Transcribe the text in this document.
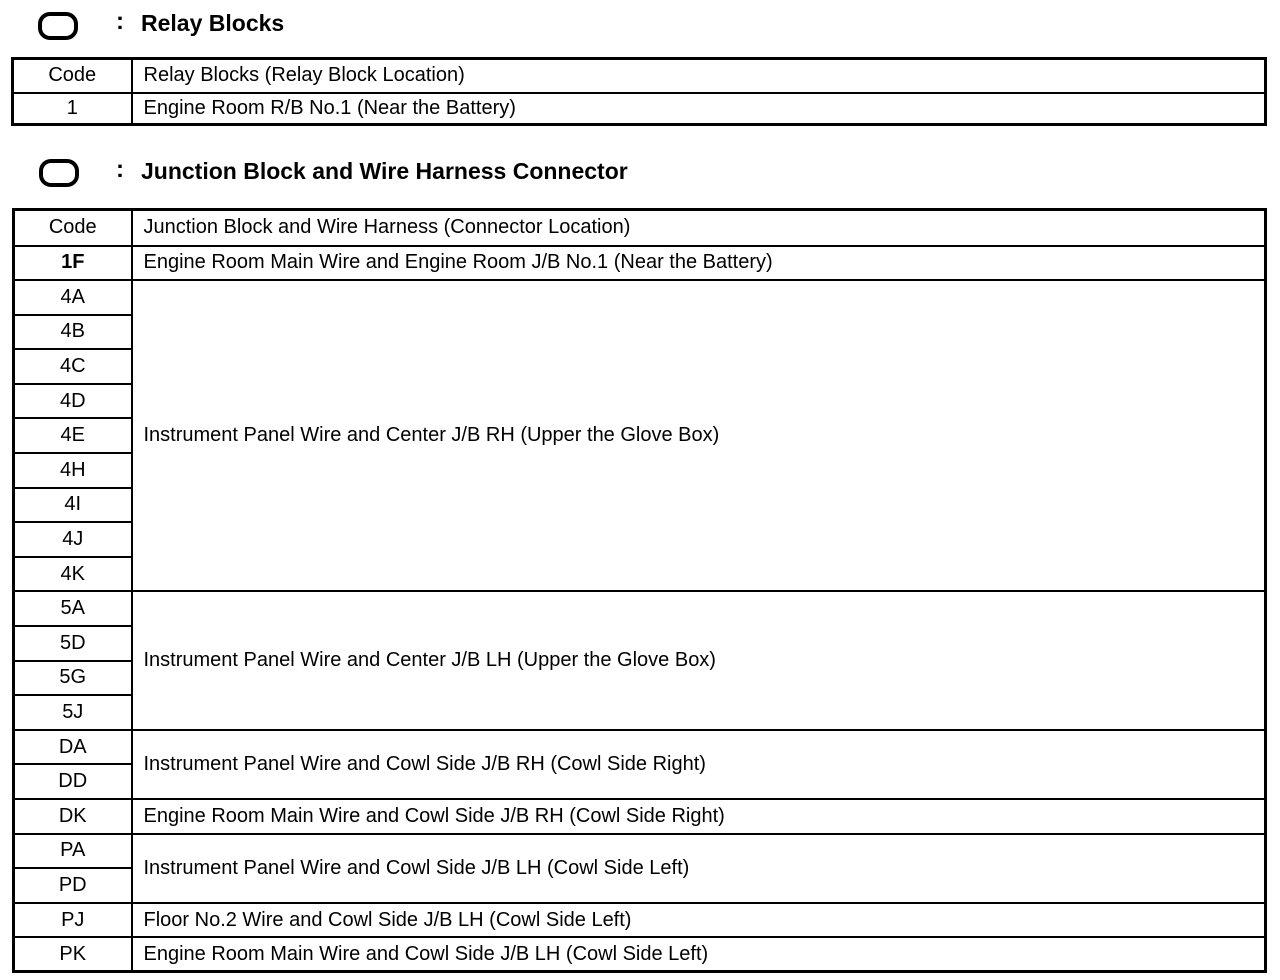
: Relay Blocks
Code	Relay Blocks (Relay Block Location)
1	Engine Room R/B No.1 (Near the Battery)
: Junction Block and Wire Harness Connector
Code	Junction Block and Wire Harness (Connector Location)
1F	Engine Room Main Wire and Engine Room J/B No.1 (Near the Battery)
4A	Instrument Panel Wire and Center J/B RH (Upper the Glove Box)
4B	
4C	
4D	
4E	
4H	
4I	
4J	
4K	
5A	Instrument Panel Wire and Center J/B LH (Upper the Glove Box)
5D	
5G	
5J	
DA	Instrument Panel Wire and Cowl Side J/B RH (Cowl Side Right)
DD	
DK	Engine Room Main Wire and Cowl Side J/B RH (Cowl Side Right)
PA	Instrument Panel Wire and Cowl Side J/B LH (Cowl Side Left)
PD	
PJ	Floor No.2 Wire and Cowl Side J/B LH (Cowl Side Left)
PK	Engine Room Main Wire and Cowl Side J/B LH (Cowl Side Left)
